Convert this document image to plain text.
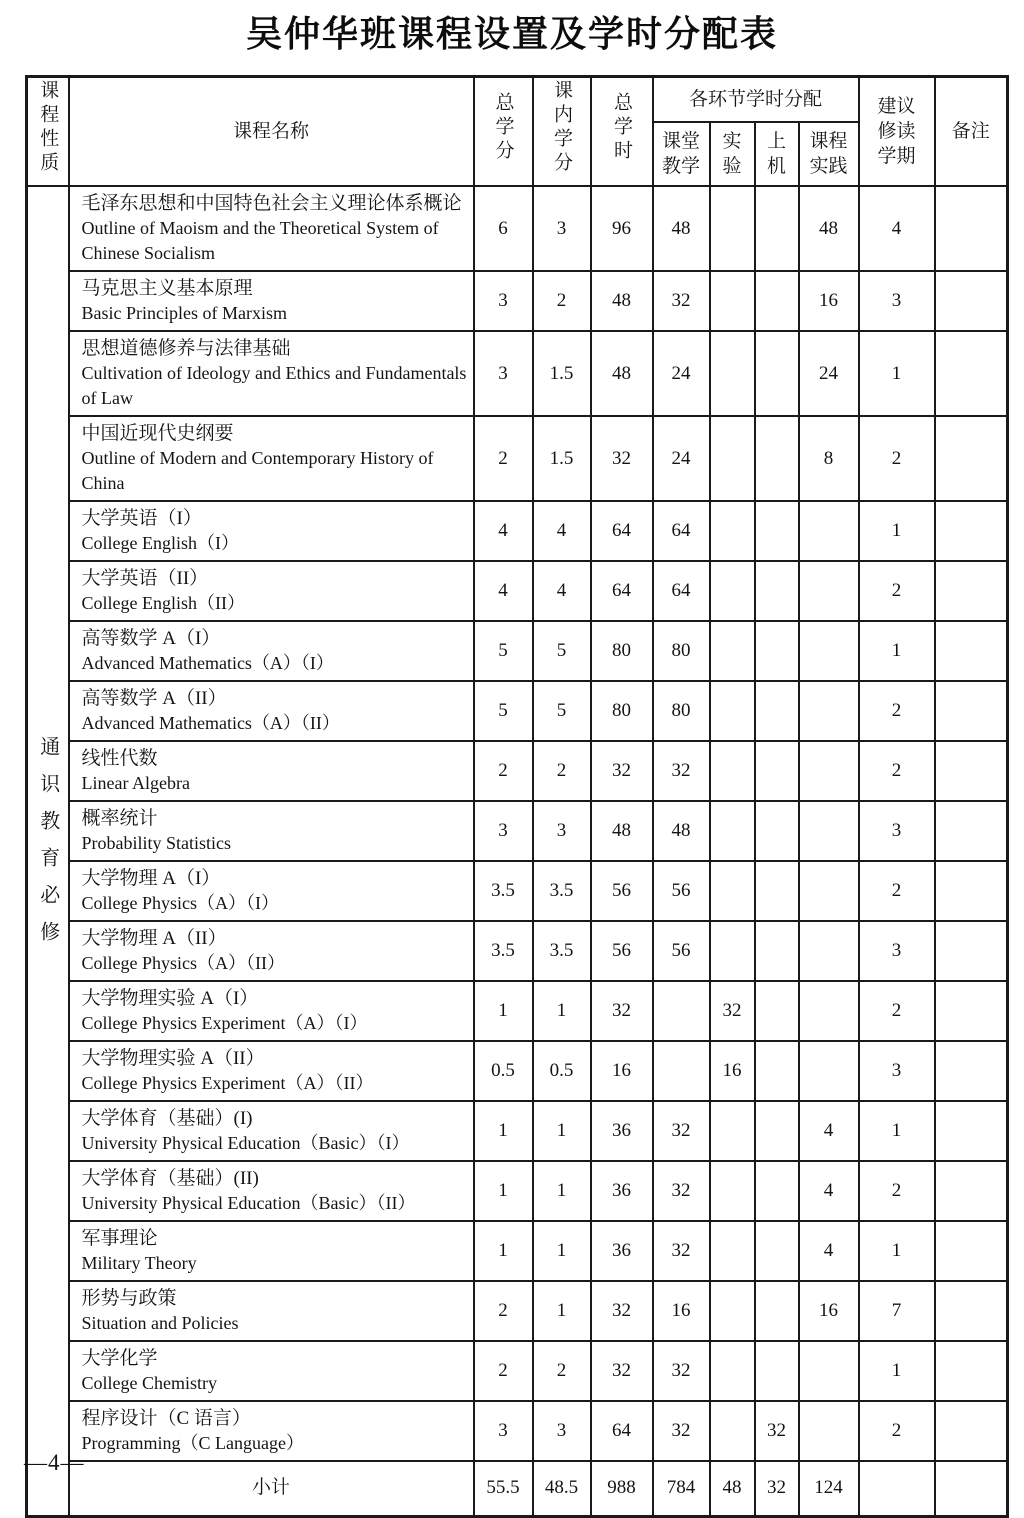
吴仲华班课程设置及学时分配表
课程性质	课程名称	总学分	课内学分	总学时	各环节学时分配				建议修读学期	备注
					课堂教学	实验	上机	课程实践		
通识教育必修	毛泽东思想和中国特色社会主义理论体系概论
Outline of Maoism and the Theoretical System of Chinese Socialism	6	3	96	48			48	4	

	马克思主义基本原理
Basic Principles of Marxism	3	2	48	32			16	3	

	思想道德修养与法律基础
Cultivation of Ideology and Ethics and Fundamentals of Law	3	1.5	48	24			24	1	

	中国近现代史纲要
Outline of Modern and Contemporary History of China	2	1.5	32	24			8	2	

	大学英语（I）
College English（I）	4	4	64	64				1	

	大学英语（II）
College English（II）	4	4	64	64				2	

	高等数学 A（I）
Advanced Mathematics（A）（I）	5	5	80	80				1	

	高等数学 A（II）
Advanced Mathematics（A）（II）	5	5	80	80				2	

	线性代数
Linear Algebra	2	2	32	32				2	

	概率统计
Probability Statistics	3	3	48	48				3	

	大学物理 A（I）
College Physics（A）（I）	3.5	3.5	56	56				2	

	大学物理 A（II）
College Physics（A）（II）	3.5	3.5	56	56				3	

	大学物理实验 A（I）
College Physics Experiment（A）（I）	1	1	32		32			2	

	大学物理实验 A（II）
College Physics Experiment（A）（II）	0.5	0.5	16		16			3	

	大学体育（基础）(I)
University Physical Education（Basic）（I）	1	1	36	32			4	1	

	大学体育（基础）(II)
University Physical Education（Basic）（II）	1	1	36	32			4	2	

	军事理论
Military Theory	1	1	36	32			4	1	

	形势与政策
Situation and Policies	2	1	32	16			16	7	

	大学化学
College Chemistry	2	2	32	32				1	

	程序设计（C 语言）
Programming（C Language）	3	3	64	32		32		2	
	小计	55.5	48.5	988	784	48	32	124		
—4—
